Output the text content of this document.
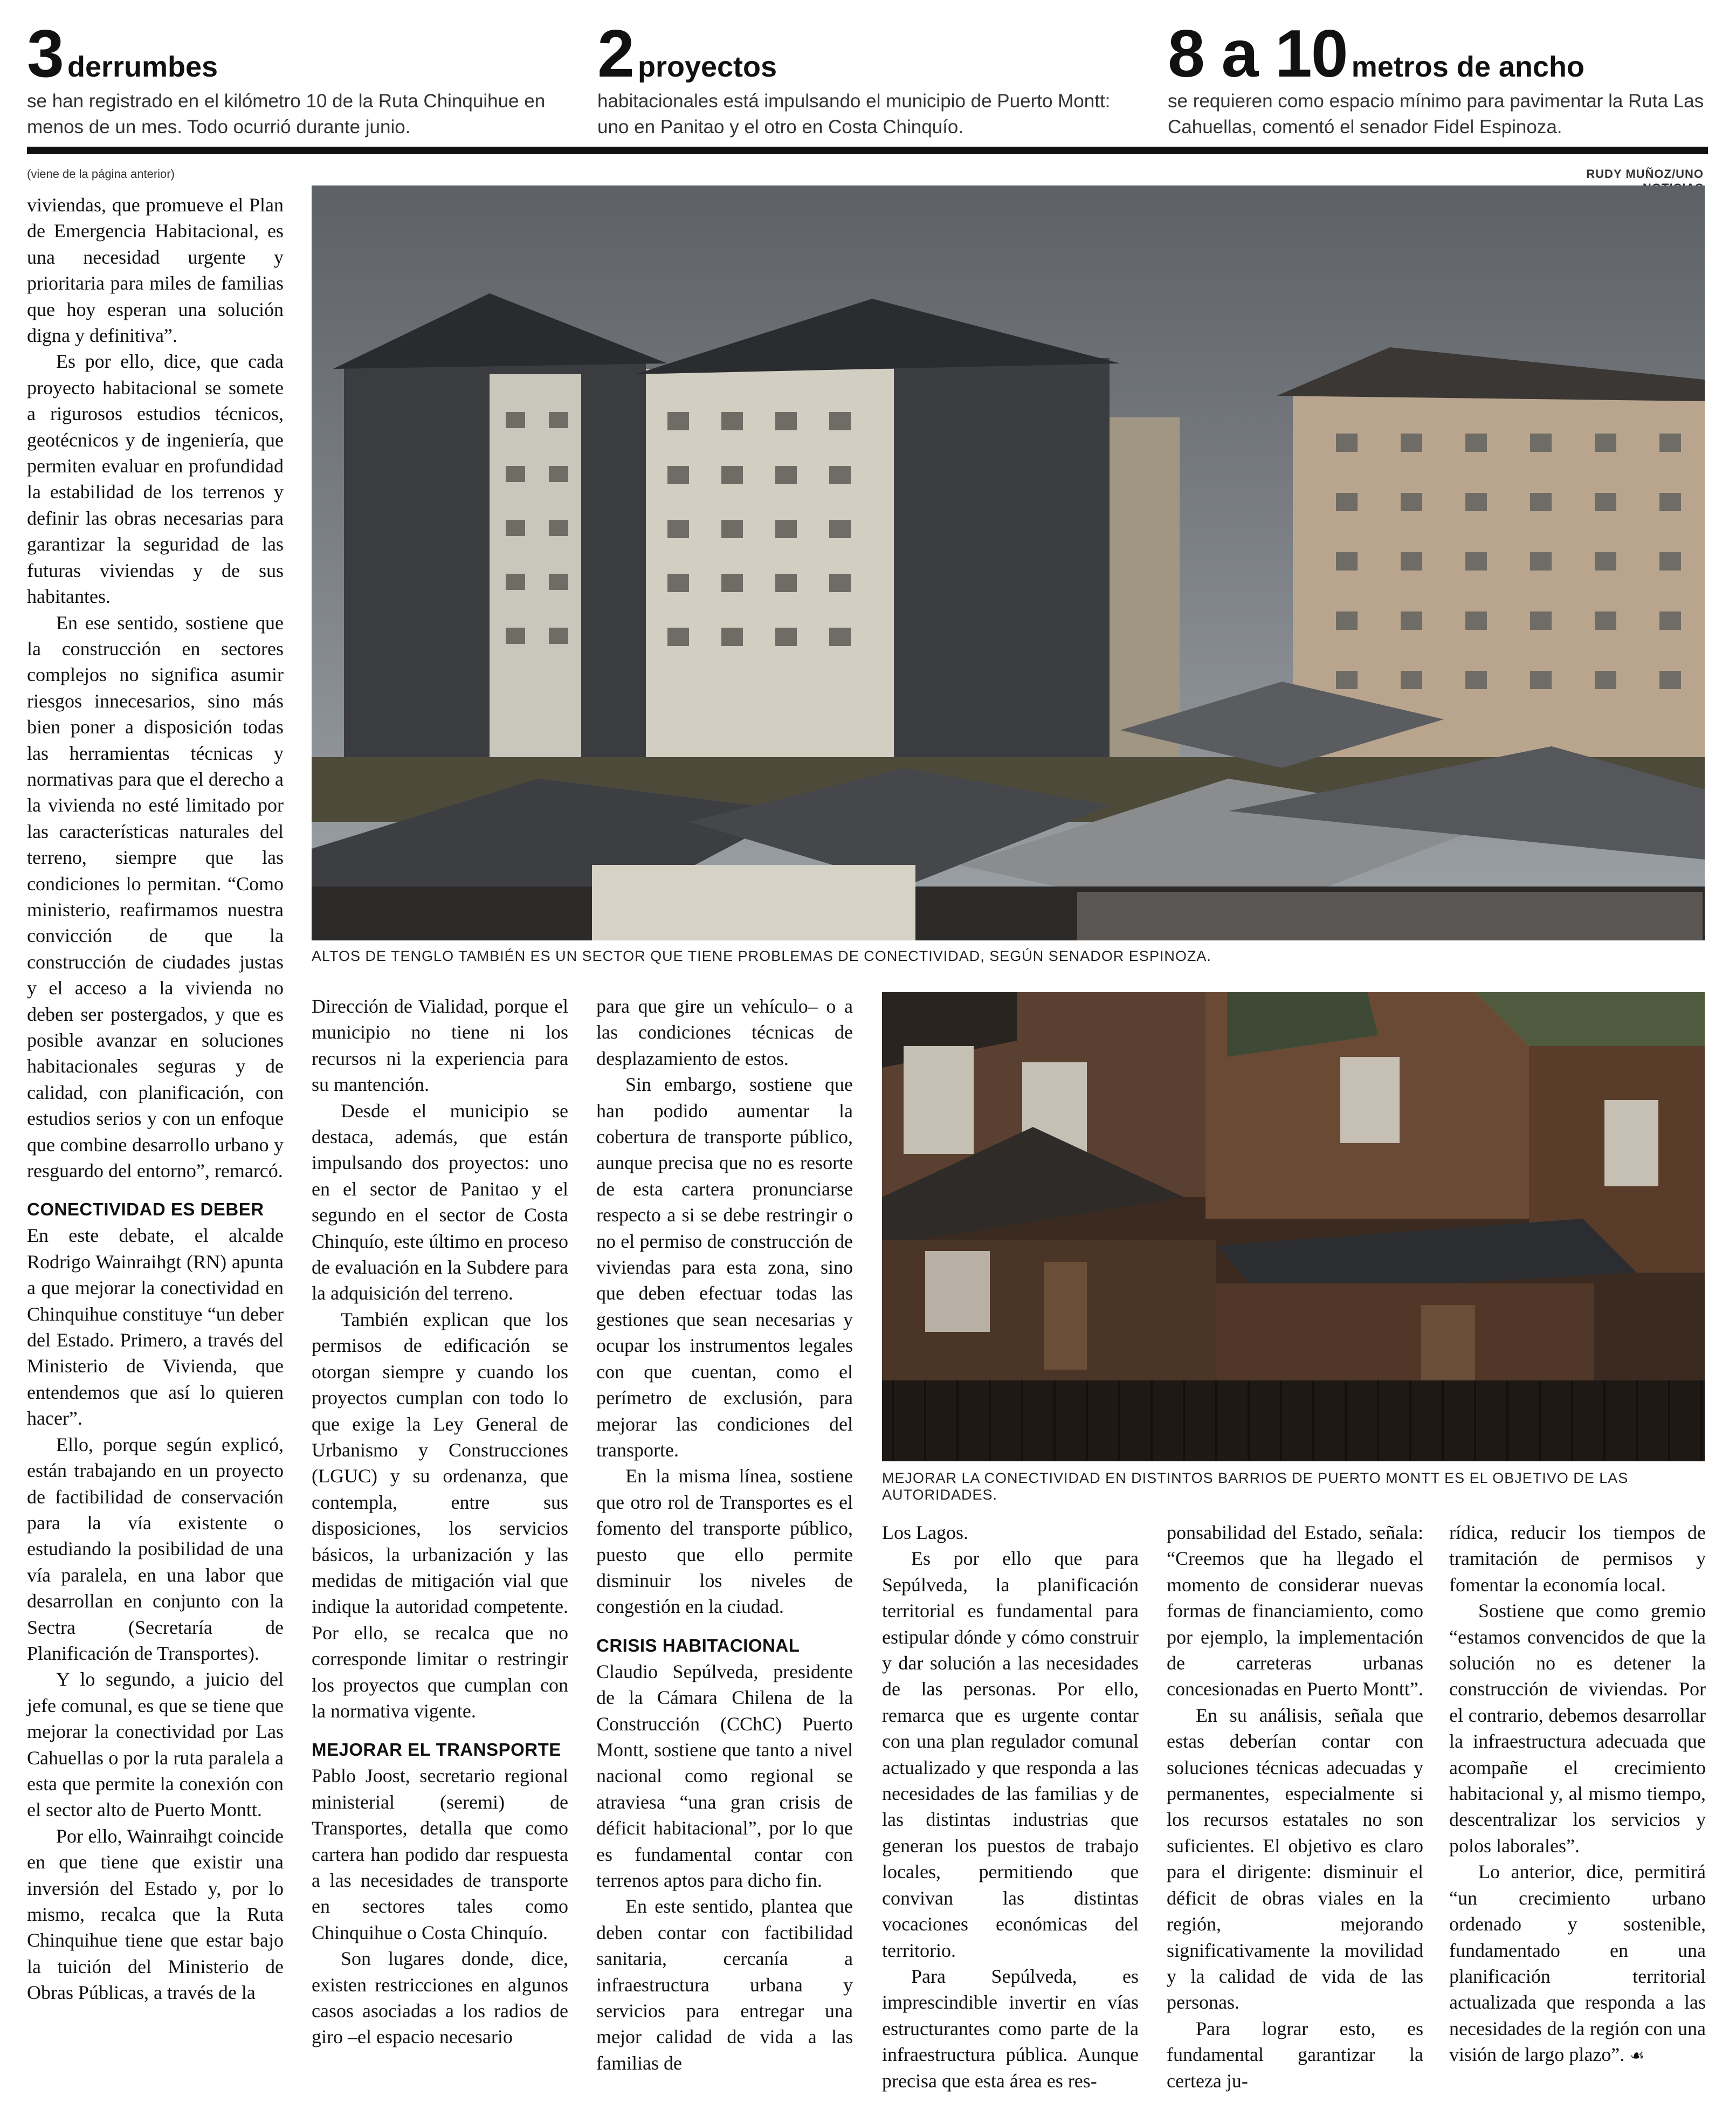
3 derrumbes
se han registrado en el kilómetro 10 de la Ruta Chinquihue en menos de un mes. Todo ocurrió durante junio.
2 proyectos
habitacionales está impulsando el municipio de Puerto Montt: uno en Panitao y el otro en Costa Chinquío.
8 a 10 metros de ancho
se requieren como espacio mínimo para pavimentar la Ruta Las Cahuellas, comentó el senador Fidel Espinoza.
(viene de la página anterior)	RUDY MUÑOZ/UNO
ALTOS DE TENGLO TAMBIÉN ES UN SECTOR QUE TIENE PROBLEMAS DE CONECTIVIDAD, SEGÚN SENADOR ESPINOZA.
MEJORAR LA CONECTIVIDAD EN DISTINTOS BARRIOS DE PUERTO MONTT ES EL OBJETIVO DE LAS AUTORIDADES.

viviendas, que promueve el Plan de Emergencia Habitacional, es una necesidad urgente y prioritaria para miles de familias que hoy esperan una solución digna y definitiva”.

Es por ello, dice, que cada proyecto habitacional se somete a rigurosos estudios técnicos, geotécnicos y de ingeniería, que permiten evaluar en profundidad la estabilidad de los terrenos y definir las obras necesarias para garantizar la seguridad de las futuras viviendas y de sus habitantes.

En ese sentido, sostiene que la construcción en sectores complejos no significa asumir riesgos innecesarios, sino más bien poner a disposición todas las herramientas técnicas y normativas para que el derecho a la vivienda no esté limitado por las características naturales del terreno, siempre que las condiciones lo permitan. “Como ministerio, reafirmamos nuestra convicción de que la construcción de ciudades justas y el acceso a la vivienda no deben ser postergados, y que es posible avanzar en soluciones habitacionales seguras y de calidad, con planificación, con estudios serios y con un enfoque que combine desarrollo urbano y resguardo del entorno”, remarcó.

CONECTIVIDAD ES DEBER

En este debate, el alcalde Rodrigo Wainraihgt (RN) apunta a que mejorar la conectividad en Chinquihue constituye “un deber del Estado. Primero, a través del Ministerio de Vivienda, que entendemos que así lo quieren hacer”.

Ello, porque según explicó, están trabajando en un proyecto de factibilidad de conservación para la vía existente o estudiando la posibilidad de una vía paralela, en una labor que desarrollan en conjunto con la Sectra (Secretaría de Planificación de Transportes).

Y lo segundo, a juicio del jefe comunal, es que se tiene que mejorar la conectividad por Las Cahuellas o por la ruta paralela a esta que permite la conexión con el sector alto de Puerto Montt.

Por ello, Wainraihgt coincide en que tiene que existir una inversión del Estado y, por lo mismo, recalca que la Ruta Chinquihue tiene que estar bajo la tuición del Ministerio de Obras Públicas, a través de la

Dirección de Vialidad, porque el municipio no tiene ni los recursos ni la experiencia para su mantención.

Desde el municipio se destaca, además, que están impulsando dos proyectos: uno en el sector de Panitao y el segundo en el sector de Costa Chinquío, este último en proceso de evaluación en la Subdere para la adquisición del terreno.

También explican que los permisos de edificación se otorgan siempre y cuando los proyectos cumplan con todo lo que exige la Ley General de Urbanismo y Construcciones (LGUC) y su ordenanza, que contempla, entre sus disposiciones, los servicios básicos, la urbanización y las medidas de mitigación vial que indique la autoridad competente. Por ello, se recalca que no corresponde limitar o restringir los proyectos que cumplan con la normativa vigente.

MEJORAR EL TRANSPORTE

Pablo Joost, secretario regional ministerial (seremi) de Transportes, detalla que como cartera han podido dar respuesta a las necesidades de transporte en sectores tales como Chinquihue o Costa Chinquío.

Son lugares donde, dice, existen restricciones en algunos casos asociadas a los radios de giro –el espacio necesario

para que gire un vehículo– o a las condiciones técnicas de desplazamiento de estos.

Sin embargo, sostiene que han podido aumentar la cobertura de transporte público, aunque precisa que no es resorte de esta cartera pronunciarse respecto a si se debe restringir o no el permiso de construcción de viviendas para esta zona, sino que deben efectuar todas las gestiones que sean necesarias y ocupar los instrumentos legales con que cuentan, como el perímetro de exclusión, para mejorar las condiciones del transporte.

En la misma línea, sostiene que otro rol de Transportes es el fomento del transporte público, puesto que ello permite disminuir los niveles de congestión en la ciudad.

CRISIS HABITACIONAL

Claudio Sepúlveda, presidente de la Cámara Chilena de la Construcción (CChC) Puerto Montt, sostiene que tanto a nivel nacional como regional se atraviesa “una gran crisis de déficit habitacional”, por lo que es fundamental contar con terrenos aptos para dicho fin.

En este sentido, plantea que deben contar con factibilidad sanitaria, cercanía a infraestructura urbana y servicios para entregar una mejor calidad de vida a las familias de

Los Lagos.

Es por ello que para Sepúlveda, la planificación territorial es fundamental para estipular dónde y cómo construir y dar solución a las necesidades de las personas. Por ello, remarca que es urgente contar con una plan regulador comunal actualizado y que responda a las necesidades de las familias y de las distintas industrias que generan los puestos de trabajo locales, permitiendo que convivan las distintas vocaciones económicas del territorio.

Para Sepúlveda, es imprescindible invertir en vías estructurantes como parte de la infraestructura pública. Aunque precisa que esta área es res-

ponsabilidad del Estado, señala: “Creemos que ha llegado el momento de considerar nuevas formas de financiamiento, como por ejemplo, la implementación de carreteras urbanas concesionadas en Puerto Montt”.

En su análisis, señala que estas deberían contar con soluciones técnicas adecuadas y permanentes, especialmente si los recursos estatales no son suficientes. El objetivo es claro para el dirigente: disminuir el déficit de obras viales en la región, mejorando significativamente la movilidad y la calidad de vida de las personas.

Para lograr esto, es fundamental garantizar la certeza ju-

rídica, reducir los tiempos de tramitación de permisos y fomentar la economía local.

Sostiene que como gremio “estamos convencidos de que la solución no es detener la construcción de viviendas. Por el contrario, debemos desarrollar la infraestructura adecuada que acompañe el crecimiento habitacional y, al mismo tiempo, descentralizar los servicios y polos laborales”.

Lo anterior, dice, permitirá “un crecimiento urbano ordenado y sostenible, fundamentado en una planificación territorial actualizada que responda a las necesidades de la región con una visión de largo plazo”. ☙
